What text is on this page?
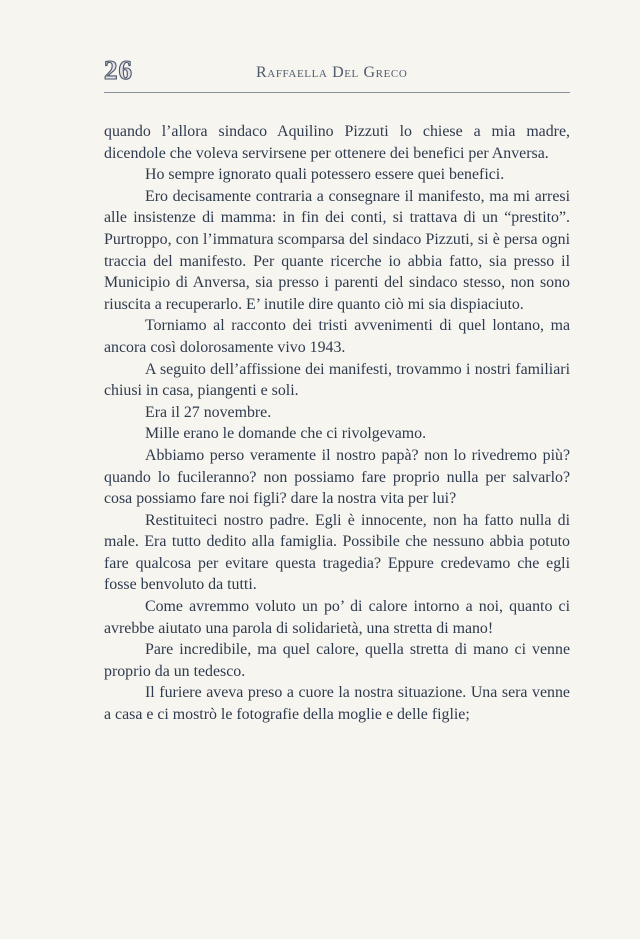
26	Raffaella Del Greco

quando l’allora sindaco Aquilino Pizzuti lo chiese a mia madre, dicendole che voleva servirsene per ottenere dei benefici per Anversa.

Ho sempre ignorato quali potessero essere quei benefici.

Ero decisamente contraria a consegnare il manifesto, ma mi arresi alle insistenze di mamma: in fin dei conti, si trattava di un “prestito”. Purtroppo, con l’immatura scomparsa del sindaco Pizzuti, si è persa ogni traccia del manifesto. Per quante ricerche io abbia fatto, sia presso il Municipio di Anversa, sia presso i parenti del sindaco stesso, non sono riuscita a recuperarlo. E’ inutile dire quanto ciò mi sia dispiaciuto.

Torniamo al racconto dei tristi avvenimenti di quel lontano, ma ancora così dolorosamente vivo 1943.

A seguito dell’affissione dei manifesti, trovammo i nostri familiari chiusi in casa, piangenti e soli.

Era il 27 novembre.

Mille erano le domande che ci rivolgevamo.

Abbiamo perso veramente il nostro papà? non lo rivedremo più? quando lo fucileranno? non possiamo fare proprio nulla per salvarlo? cosa possiamo fare noi figli? dare la nostra vita per lui?

Restituiteci nostro padre. Egli è innocente, non ha fatto nulla di male. Era tutto dedito alla famiglia. Possibile che nessuno abbia potuto fare qualcosa per evitare questa tragedia? Eppure credevamo che egli fosse benvoluto da tutti.

Come avremmo voluto un po’ di calore intorno a noi, quanto ci avrebbe aiutato una parola di solidarietà, una stretta di mano!

Pare incredibile, ma quel calore, quella stretta di mano ci venne proprio da un tedesco.

Il furiere aveva preso a cuore la nostra situazione. Una sera venne a casa e ci mostrò le fotografie della moglie e delle figlie;
